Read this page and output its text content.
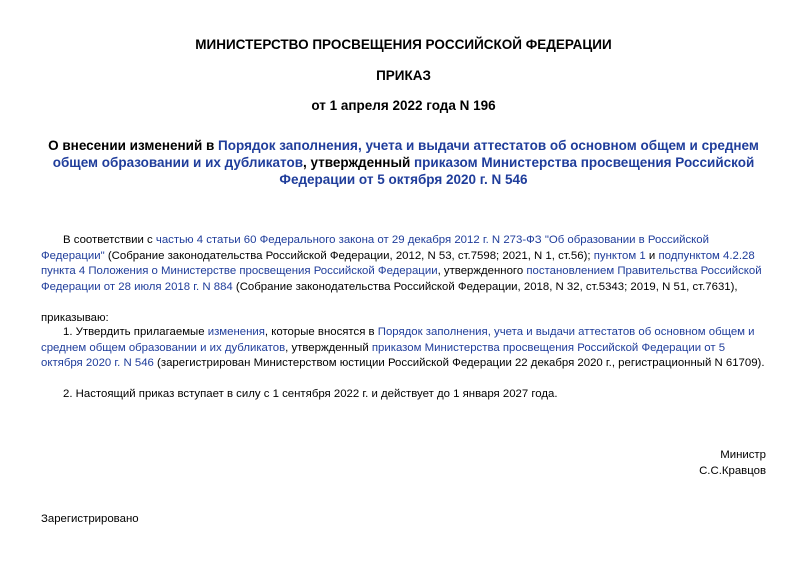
МИНИСТЕРСТВО ПРОСВЕЩЕНИЯ РОССИЙСКОЙ ФЕДЕРАЦИИ
ПРИКАЗ
от 1 апреля 2022 года N 196
О внесении изменений в Порядок заполнения, учета и выдачи аттестатов об основном общем и среднем общем образовании и их дубликатов, утвержденный приказом Министерства просвещения Российской Федерации от 5 октября 2020 г. N 546
В соответствии с частью 4 статьи 60 Федерального закона от 29 декабря 2012 г. N 273-ФЗ "Об образовании в Российской Федерации" (Собрание законодательства Российской Федерации, 2012, N 53, ст.7598; 2021, N 1, ст.56); пунктом 1 и подпунктом 4.2.28 пункта 4 Положения о Министерстве просвещения Российской Федерации, утвержденного постановлением Правительства Российской Федерации от 28 июля 2018 г. N 884 (Собрание законодательства Российской Федерации, 2018, N 32, ст.5343; 2019, N 51, ст.7631),
приказываю:
1. Утвердить прилагаемые изменения, которые вносятся в Порядок заполнения, учета и выдачи аттестатов об основном общем и среднем общем образовании и их дубликатов, утвержденный приказом Министерства просвещения Российской Федерации от 5 октября 2020 г. N 546 (зарегистрирован Министерством юстиции Российской Федерации 22 декабря 2020 г., регистрационный N 61709).
2. Настоящий приказ вступает в силу с 1 сентября 2022 г. и действует до 1 января 2027 года.
Министр
С.С.Кравцов
Зарегистрировано
